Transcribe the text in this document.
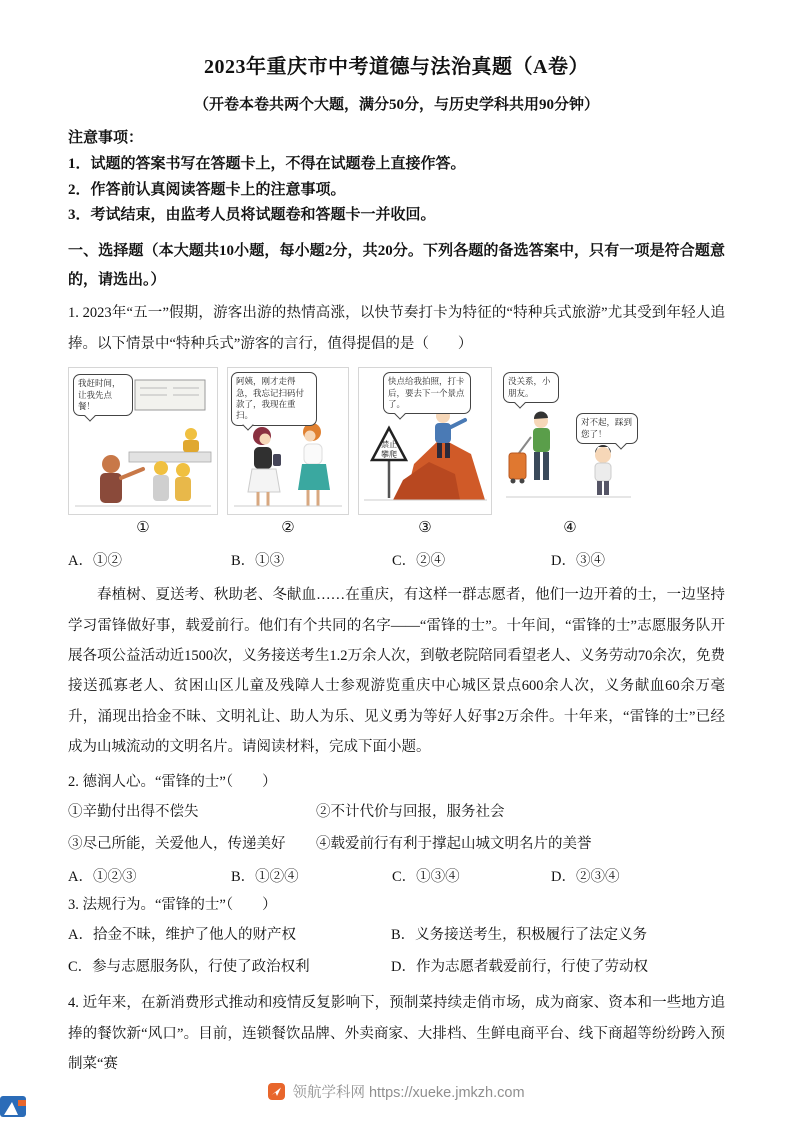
2023年重庆市中考道德与法治真题（A卷）
（开卷本卷共两个大题，满分50分，与历史学科共用90分钟）
注意事项：
1．试题的答案书写在答题卡上，不得在试题卷上直接作答。
2．作答前认真阅读答题卡上的注意事项。
3．考试结束，由监考人员将试题卷和答题卡一并收回。
一、选择题（本大题共10小题，每小题2分，共20分。下列各题的备选答案中，只有一项是符合题意的，请选出。）
1. 2023年“五一”假期，游客出游的热情高涨，以快节奏打卡为特征的“特种兵式旅游”尤其受到年轻人追捧。以下情景中“特种兵式”游客的言行，值得提倡的是（　　）
我赶时间，让我先点餐！
①
阿姨，刚才走得急，我忘记扫码付款了，我现在重扫。
②
禁止
攀爬
快点给我拍照，打卡后，要去下一个景点了。
③
没关系，小朋友。
对不起，踩到您了！
④
A．①②	B．①③	C．②④	D．③④
春植树、夏送考、秋助老、冬献血……在重庆，有这样一群志愿者，他们一边开着的士，一边坚持学习雷锋做好事，载爱前行。他们有个共同的名字——“雷锋的士”。十年间，“雷锋的士”志愿服务队开展各项公益活动近1500次，义务接送考生1.2万余人次，到敬老院陪同看望老人、义务劳动70余次，免费接送孤寡老人、贫困山区儿童及残障人士参观游览重庆中心城区景点600余人次，义务献血60余万毫升，涌现出拾金不昧、文明礼让、助人为乐、见义勇为等好人好事2万余件。十年来，“雷锋的士”已经成为山城流动的文明名片。请阅读材料，完成下面小题。
2. 德润人心。“雷锋的士”（　　）
①辛勤付出得不偿失	②不计代价与回报，服务社会
③尽己所能，关爱他人，传递美好	④载爱前行有利于撑起山城文明名片的美誉
A．①②③	B．①②④	C．①③④	D．②③④
3. 法规行为。“雷锋的士”（　　）
A．拾金不昧，维护了他人的财产权	B．义务接送考生，积极履行了法定义务
C．参与志愿服务队，行使了政治权利	D．作为志愿者载爱前行，行使了劳动权
4. 近年来，在新消费形式推动和疫情反复影响下，预制菜持续走俏市场，成为商家、资本和一些地方追捧的餐饮新“风口”。目前，连锁餐饮品牌、外卖商家、大排档、生鲜电商平台、线下商超等纷纷跨入预制菜“赛
领航学科网 https://xueke.jmkzh.com
